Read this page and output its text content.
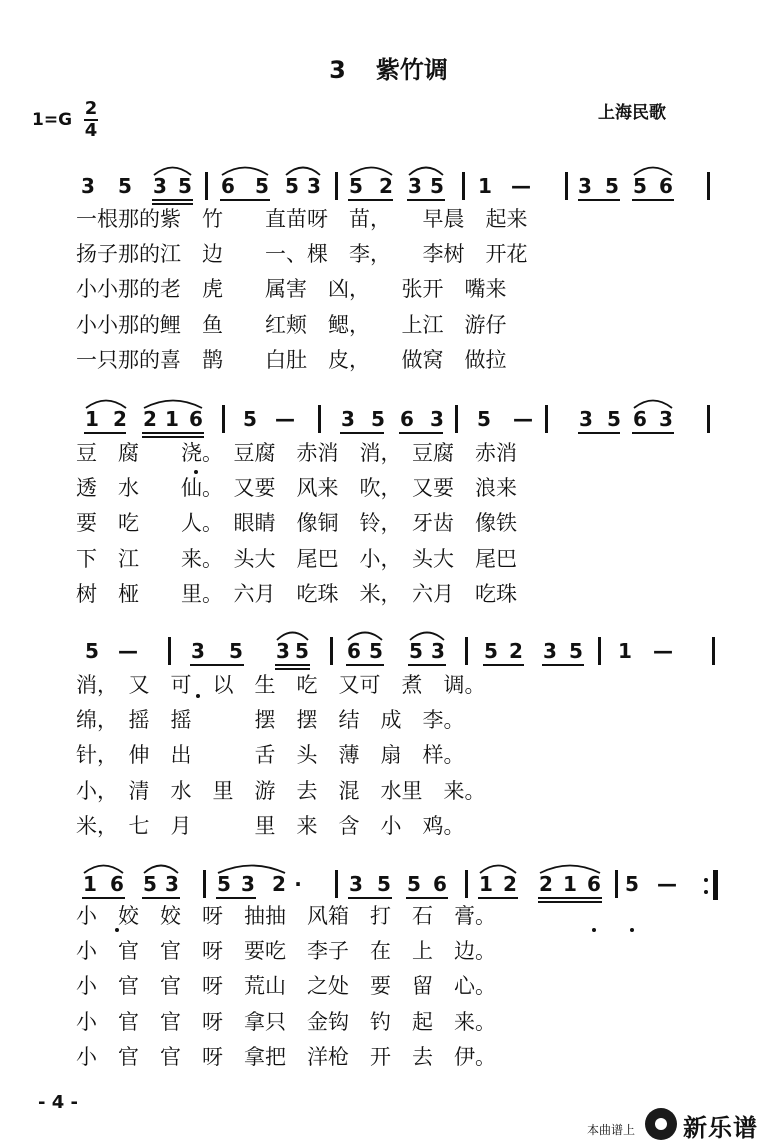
3 紫竹调
$1=G \frac{2}{4}$	上海民歌
3 5 3 5 6 5 5 3 5 2 3 5 1 — 3 5 5 6
一根那的紫　竹　　直苗呀　苗，　　早晨　起来
扬子那的江　边　　一、棵　李，　　李树　开花
小小那的老　虎　　属害　凶，　　张开　嘴来
小小那的鲤　鱼　　红颊　鳃，　　上江　游仔
一只那的喜　鹊　　白肚　皮，　　做窝　做拉
1 2 2 1 6 5 — 3 5 6 3 5 — 3 5 6 3
豆　腐　　浇。　豆腐　赤消　消，　豆腐　赤消
透　水　　仙。　又要　风来　吹，　又要　浪来
要　吃　　人。　眼睛　像铜　铃，　牙齿　像铁
下　江　　来。　头大　尾巴　小，　头大　尾巴
树　桠　　里。　六月　吃珠　米，　六月　吃珠
5 —	3 5 3 5 6 5 5 3 5 2 3 5 1 —
消，　又　可　以　生　吃　又可　煮　调。
绵，　摇　摇　　　摆　摆　结　成　李。
针，　伸　出　　　舌　头　薄　扇　样。
小，　清　水　里　游　去　混　水里　来。
米，　七　月　　　里　来　含　小　鸡。
1 6 5 3 5 3 2 · 3 5 5 6 1 2 2 1 6 5 —
小　姣　姣　呀　抽抽　风箱　打　石　膏。
小　官　官　呀　要吃　李子　在　上　边。
小　官　官　呀　荒山　之处　要　留　心。
小　官　官　呀　拿只　金钩　钓　起　来。
小　官　官　呀　拿把　洋枪　开　去　伊。
- 4 -
本曲谱上 新乐谱
